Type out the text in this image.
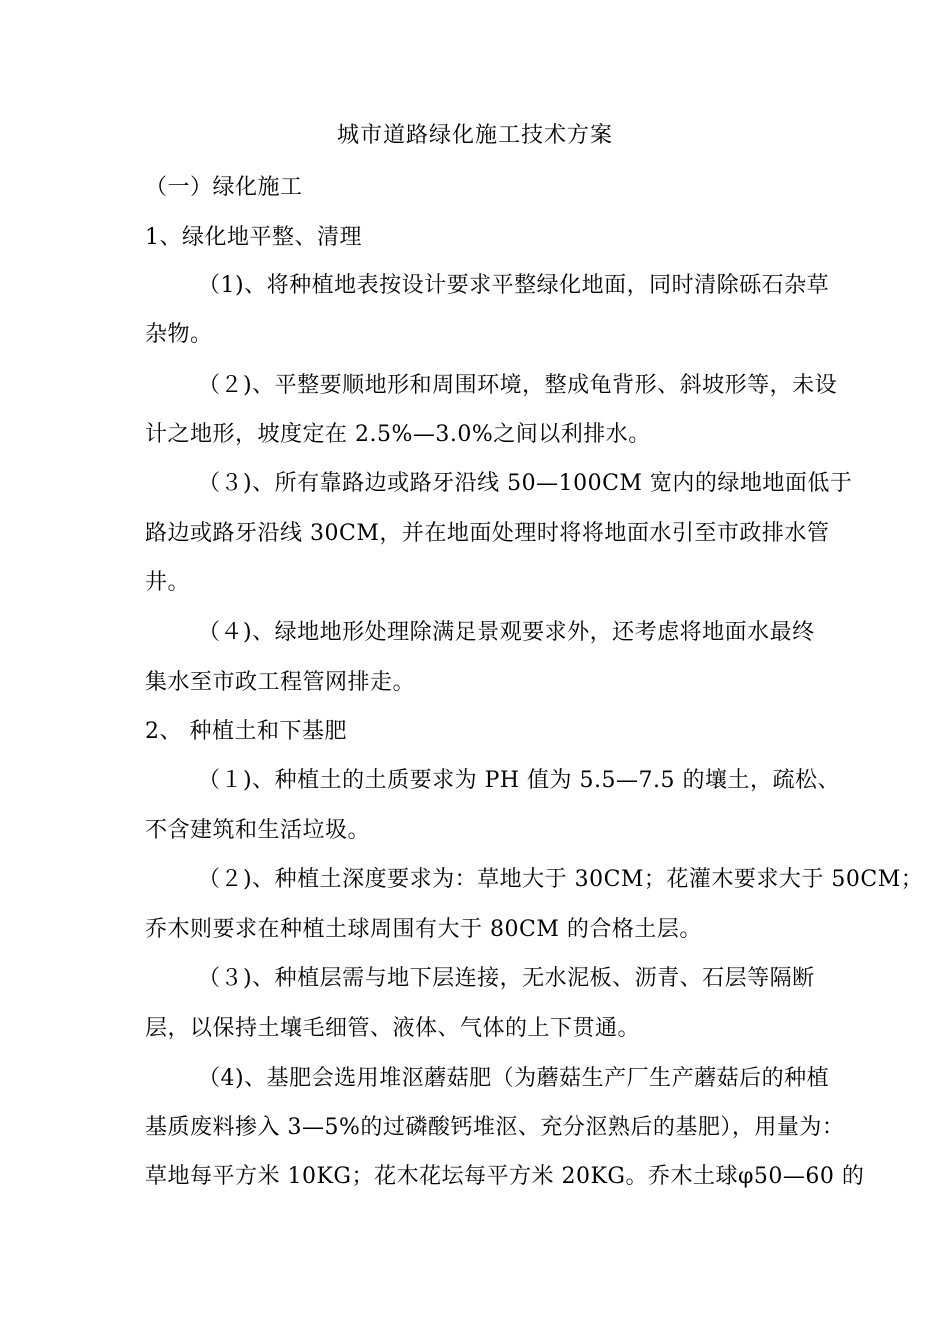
城市道路绿化施工技术方案
（一）绿化施工
1、绿化地平整、清理
（1)、将种植地表按设计要求平整绿化地面，同时清除砾石杂草
杂物。
（２)、平整要顺地形和周围环境，整成龟背形、斜坡形等，未设
计之地形，坡度定在 2.5%—3.0%之间以利排水。
（３)、所有靠路边或路牙沿线 50—100CM 宽内的绿地地面低于
路边或路牙沿线 30CM，并在地面处理时将将地面水引至市政排水管
井。
（４)、绿地地形处理除满足景观要求外，还考虑将地面水最终
集水至市政工程管网排走。
2、 种植土和下基肥
（１)、种植土的土质要求为 PH 值为 5.5—7.5 的壤土，疏松、
不含建筑和生活垃圾。
（２)、种植土深度要求为：草地大于 30CM；花灌木要求大于 50CM；
乔木则要求在种植土球周围有大于 80CM 的合格土层。
（３)、种植层需与地下层连接，无水泥板、沥青、石层等隔断
层，以保持土壤毛细管、液体、气体的上下贯通。
（4)、基肥会选用堆沤蘑菇肥（为蘑菇生产厂生产蘑菇后的种植
基质废料掺入 3—5%的过磷酸钙堆沤、充分沤熟后的基肥），用量为：
草地每平方米 10KG；花木花坛每平方米 20KG。乔木土球φ50—60 的
